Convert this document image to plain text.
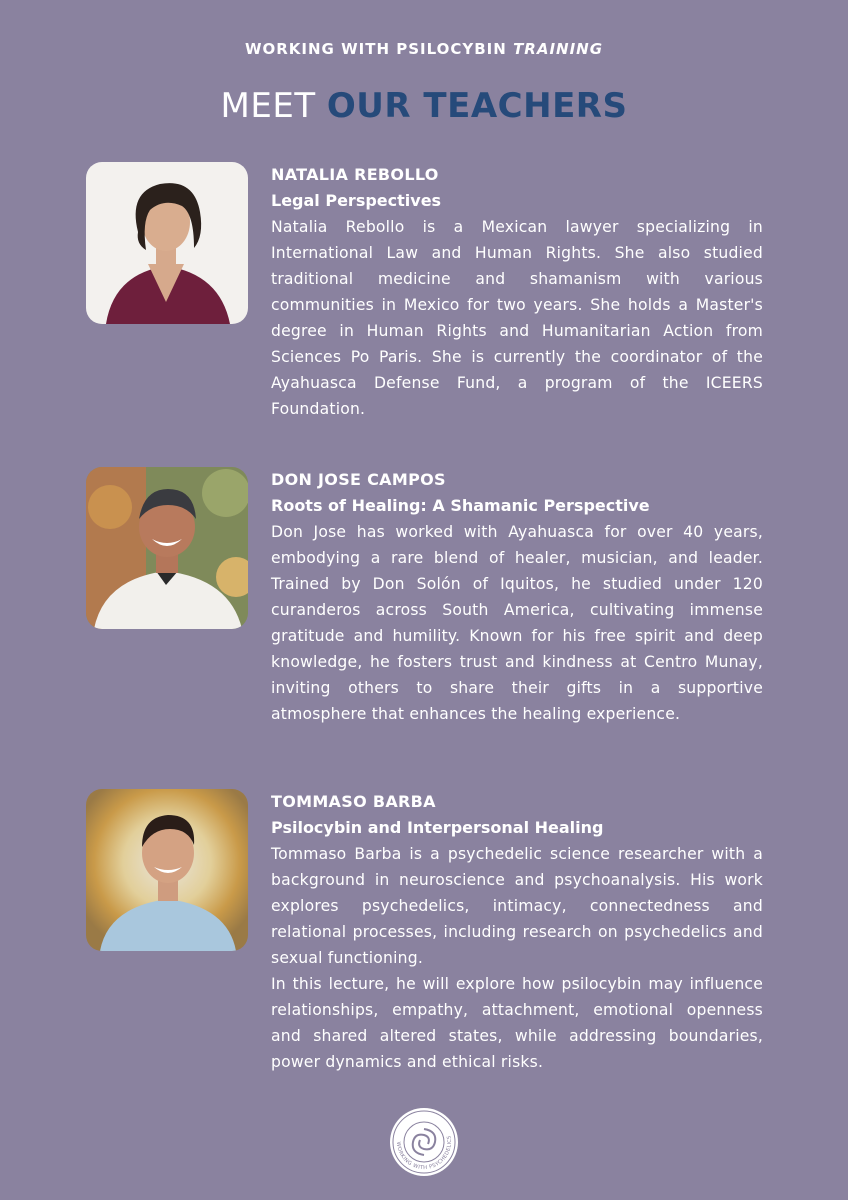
WORKING WITH PSILOCYBIN TRAINING
MEET OUR TEACHERS
NATALIA REBOLLO
Legal Perspectives

Natalia Rebollo is a Mexican lawyer specializing in International Law and Human Rights. She also studied traditional medicine and shamanism with various communities in Mexico for two years. She holds a Master's degree in Human Rights and Humanitarian Action from Sciences Po Paris. She is currently the coordinator of the Ayahuasca Defense Fund, a program of the ICEERS Foundation.

DON JOSE CAMPOS
Roots of Healing: A Shamanic Perspective

Don Jose has worked with Ayahuasca for over 40 years, embodying a rare blend of healer, musician, and leader. Trained by Don Solón of Iquitos, he studied under 120 curanderos across South America, cultivating immense gratitude and humility. Known for his free spirit and deep knowledge, he fosters trust and kindness at Centro Munay, inviting others to share their gifts in a supportive atmosphere that enhances the healing experience.

TOMMASO BARBA
Psilocybin and Interpersonal Healing

Tommaso Barba is a psychedelic science researcher with a background in neuroscience and psychoanalysis. His work explores psychedelics, intimacy, connectedness and relational processes, including research on psychedelics and sexual functioning.

In this lecture, he will explore how psilocybin may influence relationships, empathy, attachment, emotional openness and shared altered states, while addressing boundaries, power dynamics and ethical risks.

WORKING WITH PSYCHEDELICS
